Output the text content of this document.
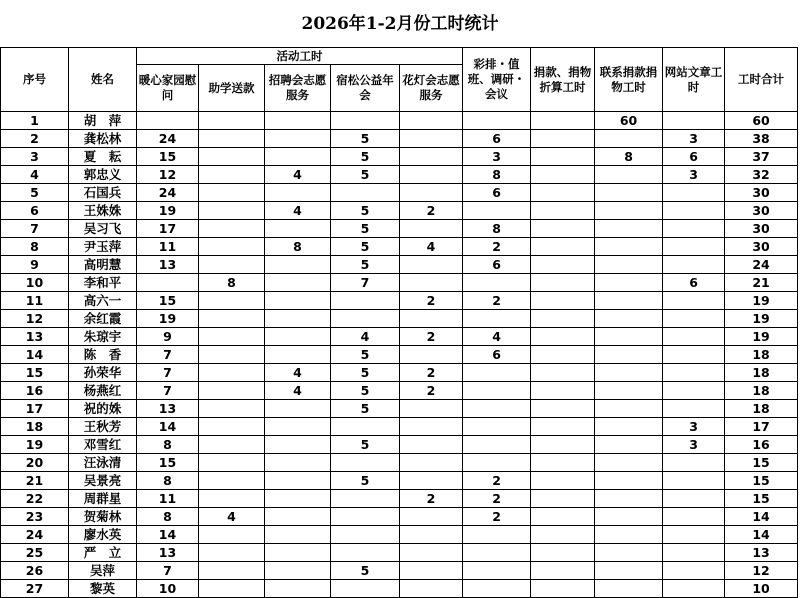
2026年1-2月份工时统计
序号	姓名	活动工时					彩排・值班、调研・会议	捐款、捐物折算工时	联系捐款捐物工时	网站文章工时	工时合计
		暖心家园慰问	助学送款	招聘会志愿服务	宿松公益年会	花灯会志愿服务					
1	胡　萍								60		60
2	龚松林	24			5		6			3	38
3	夏　耘	15			5		3		8	6	37
4	郭忠义	12		4	5		8			3	32
5	石国兵	24					6				30
6	王姝姝	19		4	5	2					30
7	吴习飞	17			5		8				30
8	尹玉萍	11		8	5	4	2				30
9	高明慧	13			5		6				24
10	李和平		8		7					6	21
11	高六一	15				2	2				19
12	余红霞	19									19
13	朱琼宇	9			4	2	4				19
14	陈　香	7			5		6				18
15	孙荣华	7		4	5	2					18
16	杨燕红	7		4	5	2					18
17	祝的姝	13			5						18
18	王秋芳	14								3	17
19	邓雪红	8			5					3	16
20	汪泳清	15									15
21	吴景亮	8			5		2				15
22	周群星	11				2	2				15
23	贺菊林	8	4				2				14
24	廖水英	14									14
25	严　立	13									13
26	吴萍	7			5						12
27	黎英	10									10
